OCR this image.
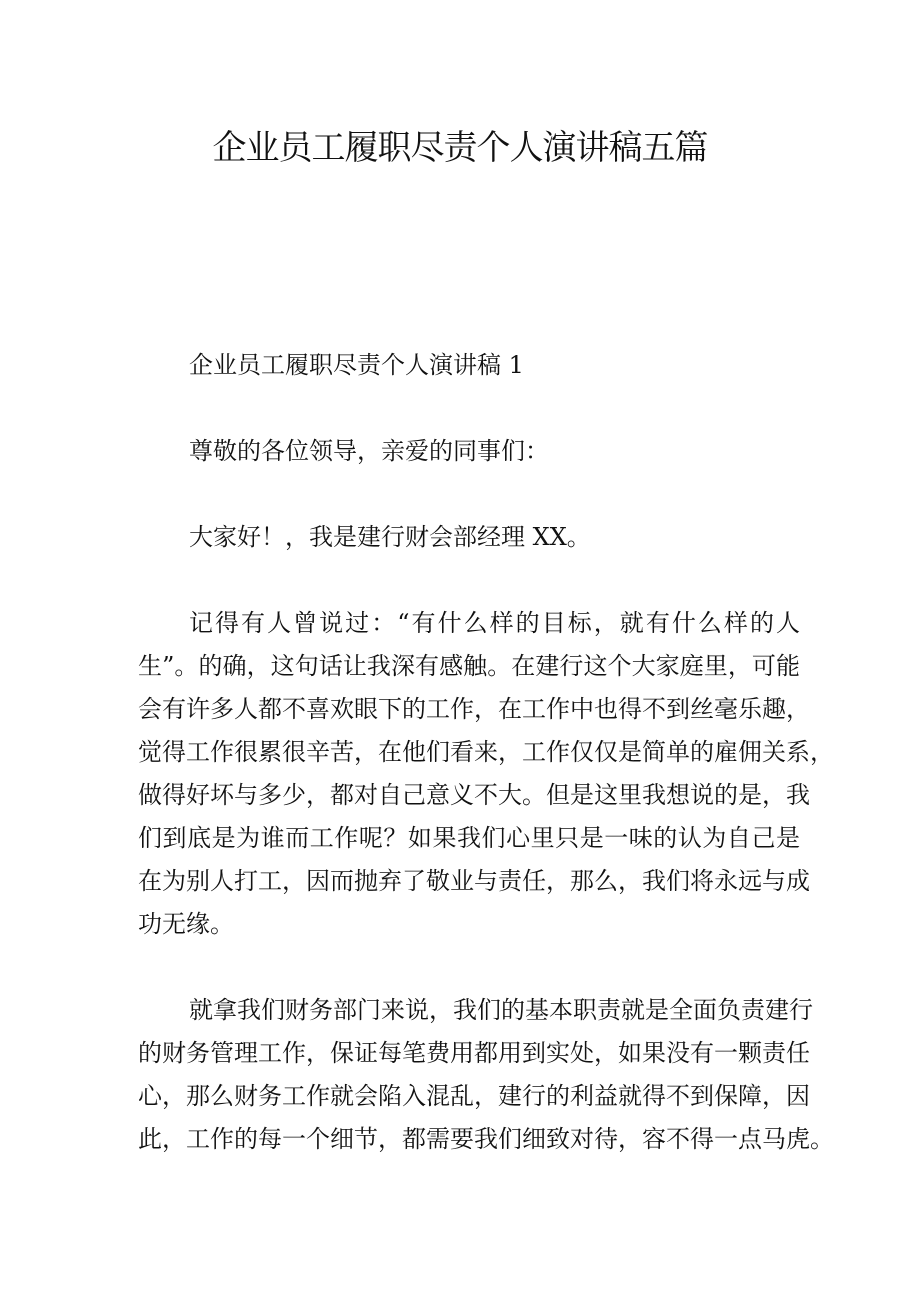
企业员工履职尽责个人演讲稿五篇
企业员工履职尽责个人演讲稿 1
尊敬的各位领导，亲爱的同事们：
大家好！，我是建行财会部经理 XX。
记得有人曾说过：“有什么样的目标，就有什么样的人
生”。的确，这句话让我深有感触。在建行这个大家庭里，可能
会有许多人都不喜欢眼下的工作，在工作中也得不到丝毫乐趣，
觉得工作很累很辛苦，在他们看来，工作仅仅是简单的雇佣关系，
做得好坏与多少，都对自己意义不大。但是这里我想说的是，我
们到底是为谁而工作呢？如果我们心里只是一味的认为自己是
在为别人打工，因而抛弃了敬业与责任，那么，我们将永远与成
功无缘。
就拿我们财务部门来说，我们的基本职责就是全面负责建行
的财务管理工作，保证每笔费用都用到实处，如果没有一颗责任
心，那么财务工作就会陷入混乱，建行的利益就得不到保障，因
此，工作的每一个细节，都需要我们细致对待，容不得一点马虎。
